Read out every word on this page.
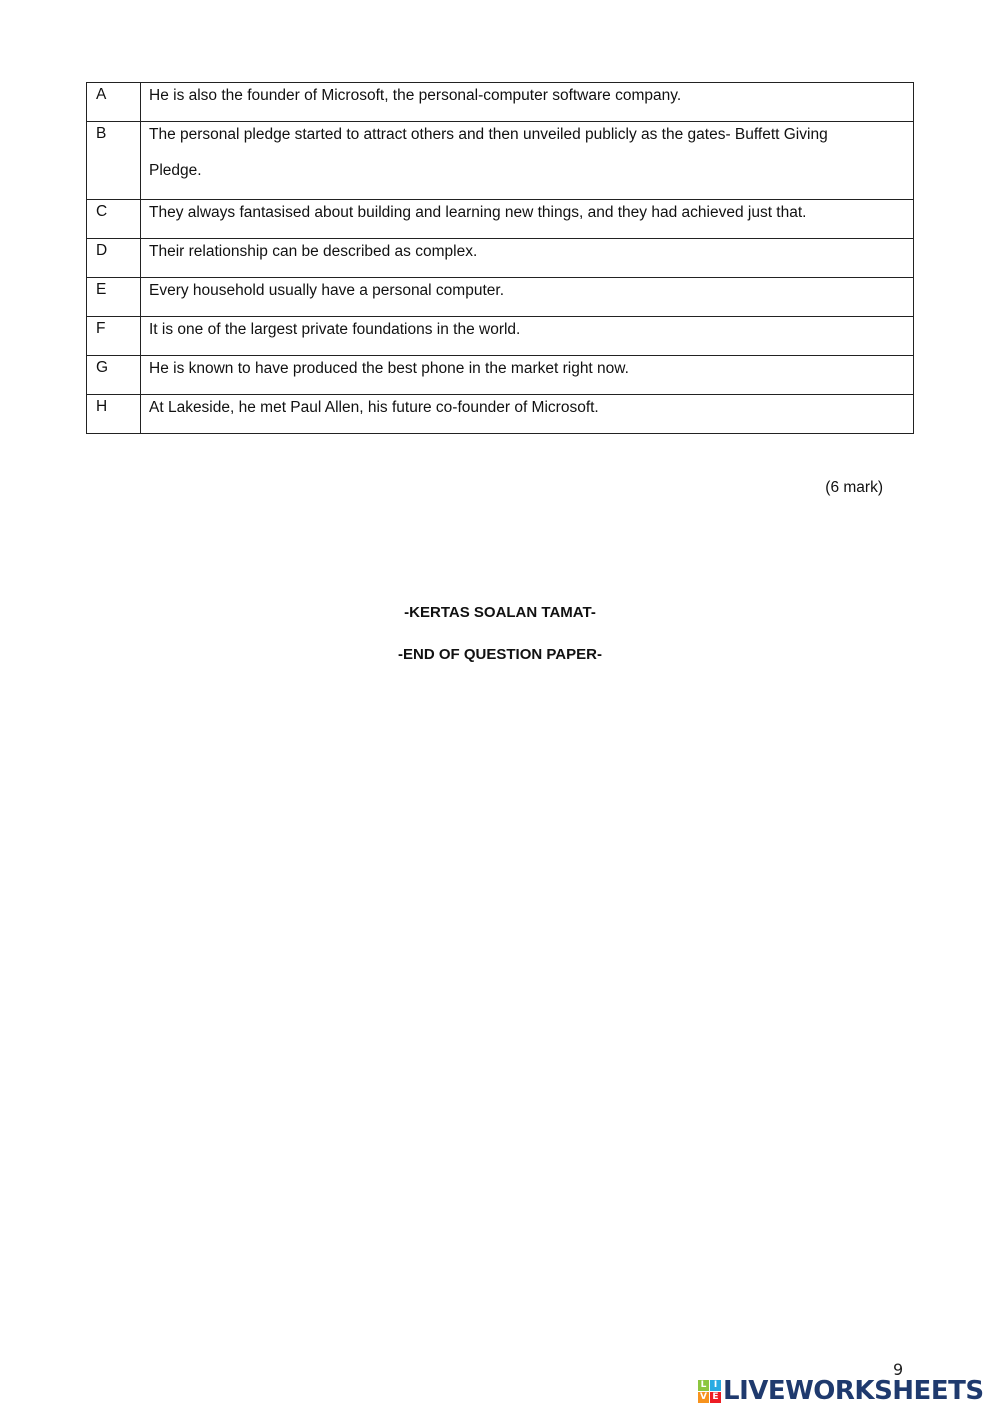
A	He is also the founder of Microsoft, the personal-computer software company.
B	The personal pledge started to attract others and then unveiled publicly as the gates- Buffett Giving
Pledge.

C	They always fantasised about building and learning new things, and they had achieved just that.
D	Their relationship can be described as complex.
E	Every household usually have a personal computer.
F	It is one of the largest private foundations in the world.
G	He is known to have produced the best phone in the market right now.
H	At Lakeside, he met Paul Allen, his future co-founder of Microsoft.
(6 mark)
-KERTAS SOALAN TAMAT-
-END OF QUESTION PAPER-
9
L I
V E LIVEWORKSHEETS
